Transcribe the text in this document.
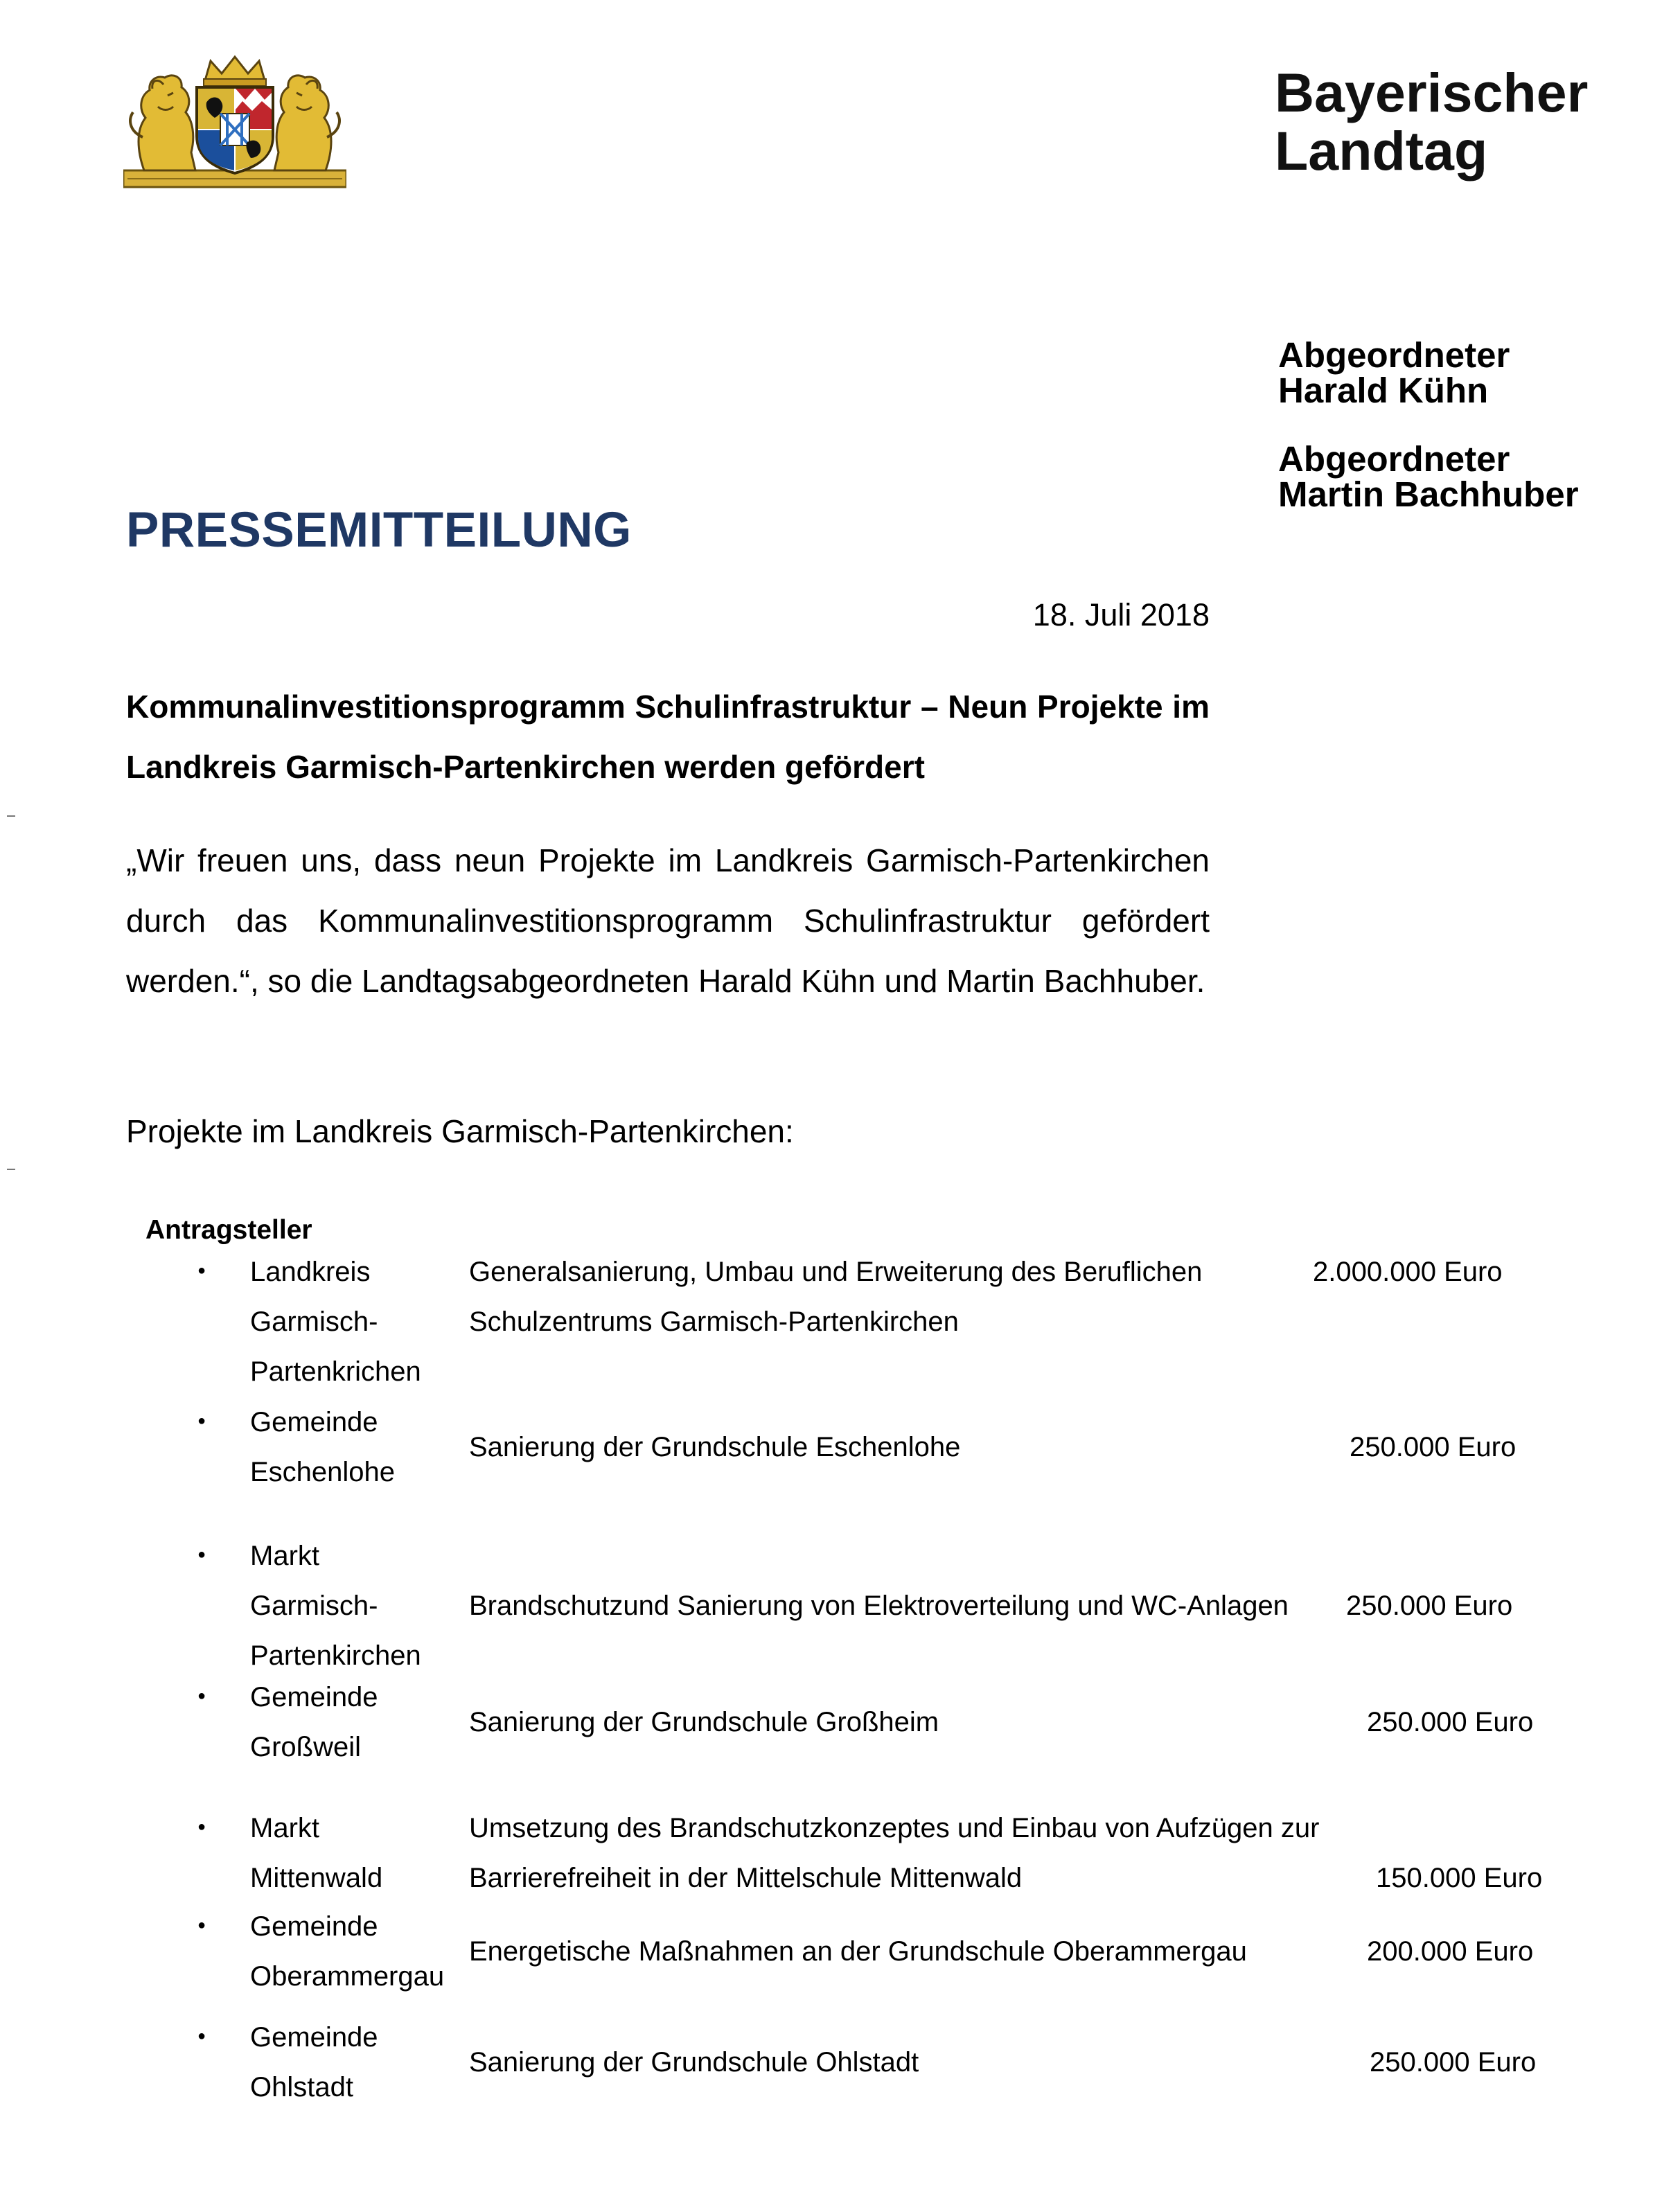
Bayerischer
Landtag
Abgeordneter
Harald Kühn
Abgeordneter
Martin Bachhuber
PRESSEMITTEILUNG
18. Juli 2018
Kommunalinvestitionsprogramm Schulinfrastruktur – Neun Projekte im Landkreis Garmisch-Partenkirchen werden gefördert
„Wir freuen uns, dass neun Projekte im Landkreis Garmisch-Partenkirchen durch das Kommunalinvestitionsprogramm Schulinfrastruktur gefördert werden.“, so die Landtagsabgeordneten Harald Kühn und Martin Bachhuber.
Projekte im Landkreis Garmisch-Partenkirchen:
Antragsteller
● Landkreis
Garmisch-
Partenkrichen
Generalsanierung, Umbau und Erweiterung des Beruflichen Schulzentrums Garmisch-Partenkirchen
2.000.000 Euro
● Gemeinde
Eschenlohe
Sanierung der Grundschule Eschenlohe	250.000 Euro
● Markt
Garmisch-
Partenkirchen
Brandschutzund Sanierung von Elektroverteilung und WC-Anlagen	250.000 Euro
● Gemeinde
Großweil
Sanierung der Grundschule Großheim	250.000 Euro
● Markt
Mittenwald
Umsetzung des Brandschutzkonzeptes und Einbau von Aufzügen zur Barrierefreiheit in der Mittelschule Mittenwald	150.000 Euro
● Gemeinde
Oberammergau
Energetische Maßnahmen an der Grundschule Oberammergau	200.000 Euro
● Gemeinde
Ohlstadt
Sanierung der Grundschule Ohlstadt	250.000 Euro
